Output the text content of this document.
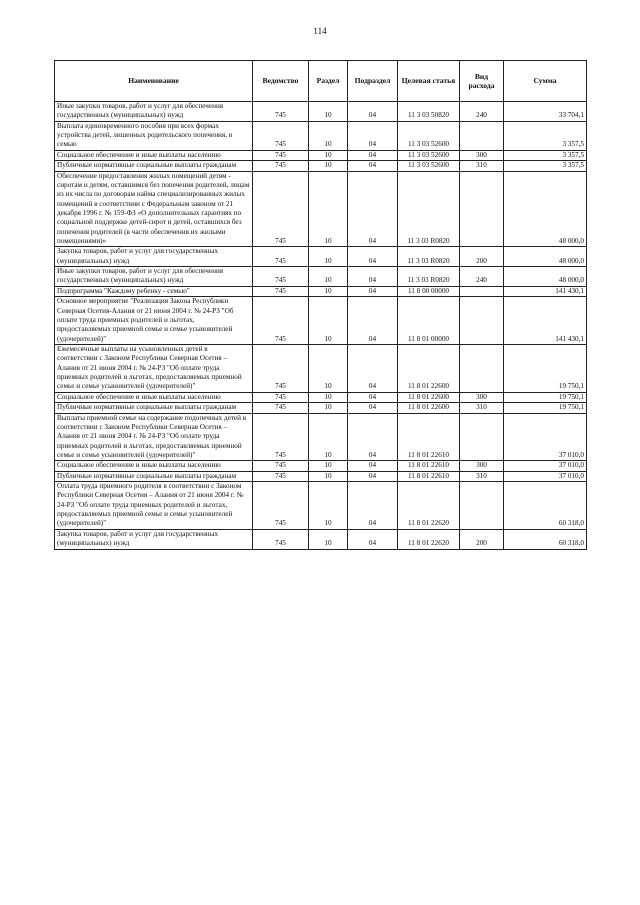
114
Наименование	Ведомство	Раздел	Подраздел	Целевая статья	Вид расхода	Сумма
Иные закупки товаров, работ и услуг для обеспечения государственных (муниципальных) нужд	745	10	04	11 3 03 50820	240	33 704,1
Выплата единовременного пособия при всех формах устройства детей, лишенных родительского попечения, в семью	745	10	04	11 3 03 52600		3 357,5
Социальное обеспечение и иные выплаты населению	745	10	04	11 3 03 52600	300	3 357,5
Публичные нормативные социальные выплаты гражданам	745	10	04	11 3 03 52600	310	3 357,5
Обеспечение предоставления жилых помещений детям - сиротам и детям, оставшимся без попечения родителей, лицам из их числа по договорам найма специализированных жилых помещений в соответствии с Федеральным законом от 21 декабря 1996 г. № 159-ФЗ «О дополнительных гарантиях по социальной поддержке детей-сирот и детей, оставшихся без попечения родителей (в части обеспечения их жилыми помещениями)»	745	10	04	11 3 03 R0820		48 000,0
Закупка товаров, работ и услуг для государственных (муниципальных) нужд	745	10	04	11 3 03 R0820	200	48 000,0
Иные закупки товаров, работ и услуг для обеспечения государственных (муниципальных) нужд	745	10	04	11 3 03 R0820	240	48 000,0
Подпрограмма "Каждому ребенку - семью"	745	10	04	11 8 00 00000		141 430,1
Основное мероприятие "Реализация Закона Республики Северная Осетия-Алания от 21 июня 2004 г. № 24-РЗ "Об оплате труда приемных родителей и льготах, предоставляемых приемной семье и семье усыновителей (удочерителей)"	745	10	04	11 8 01 00000		141 430,1
Ежемесячные выплаты на усыновленных детей в соответствии с Законом Республики Северная Осетия – Алания от 21 июня 2004 г. № 24-РЗ "Об оплате труда приемных родителей и льготах, предоставляемых приемной семье и семье усыновителей (удочерителей)"	745	10	04	11 8 01 22600		19 750,1
Социальное обеспечение и иные выплаты населению	745	10	04	11 8 01 22600	300	19 750,1
Публичные нормативные социальные выплаты гражданам	745	10	04	11 8 01 22600	310	19 750,1
Выплаты приемной семье на содержание подопечных детей в соответствии с Законом Республики Северная Осетия – Алания от 21 июня 2004 г. № 24-РЗ "Об оплате труда приемных родителей и льготах, предоставляемых приемной семье и семье усыновителей (удочерителей)"	745	10	04	11 8 01 22610		37 010,0
Социальное обеспечение и иные выплаты населению	745	10	04	11 8 01 22610	300	37 010,0
Публичные нормативные социальные выплаты гражданам	745	10	04	11 8 01 22610	310	37 010,0
Оплата труда приемного родителя в соответствии с Законом Республики Северная Осетия – Алания от 21 июня 2004 г. № 24-РЗ "Об оплате труда приемных родителей и льготах, предоставляемых приемной семье и семье усыновителей (удочерителей)"	745	10	04	11 8 01 22620		60 318,0
Закупка товаров, работ и услуг для государственных (муниципальных) нужд	745	10	04	11 8 01 22620	200	60 318,0
